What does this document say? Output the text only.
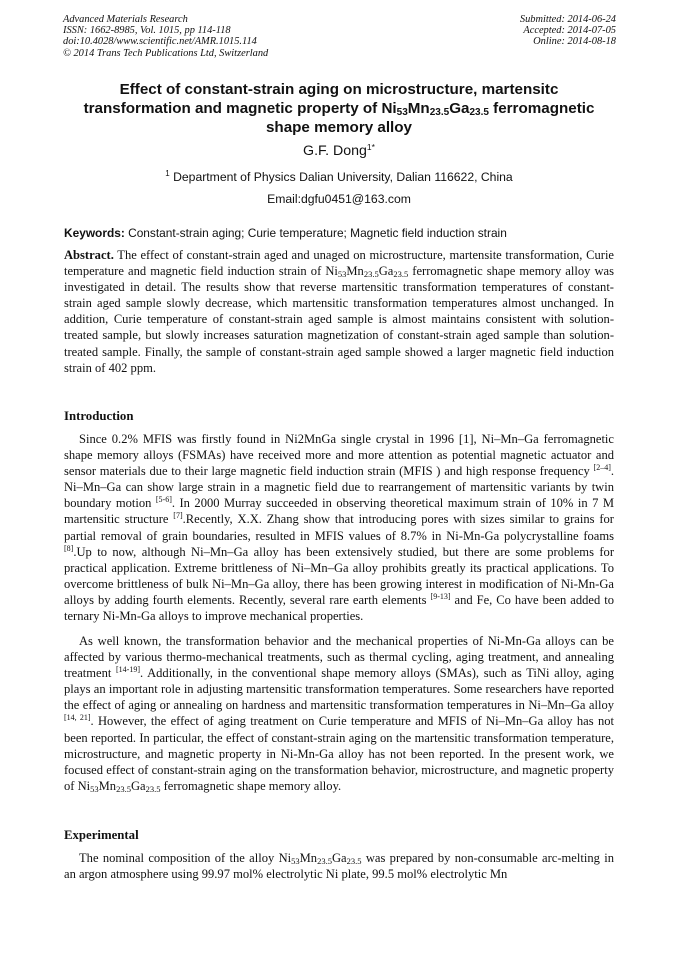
Advanced Materials Research
ISSN: 1662-8985, Vol. 1015, pp 114-118
doi:10.4028/www.scientific.net/AMR.1015.114
© 2014 Trans Tech Publications Ltd, Switzerland
Submitted: 2014-06-24
Accepted: 2014-07-05
Online: 2014-08-18
Effect of constant-strain aging on microstructure, martensitc
transformation and magnetic property of $Ni_{53}Mn_{23.5}Ga_{23.5}$ ferromagnetic
shape memory alloy
G.F. Dong$^{1*}$
$^1$ Department of Physics Dalian University, Dalian 116622, China
Email:dgfu0451@163.com
Keywords: Constant-strain aging; Curie temperature; Magnetic field induction strain

Abstract. The effect of constant-strain aged and unaged on microstructure, martensite transformation, Curie temperature and magnetic field induction strain of $Ni_{53}Mn_{23.5}Ga_{23.5}$ ferromagnetic shape memory alloy was investigated in detail. The results show that reverse martensitic transformation temperatures of constant-strain aged sample slowly decrease, which martensitic transformation temperatures almost unchanged. In addition, Curie temperature of constant-strain aged sample is almost maintains consistent with solution-treated sample, but slowly increases saturation magnetization of constant-strain aged sample than solution-treated sample. Finally, the sample of constant-strain aged sample showed a larger magnetic field induction strain of 402 ppm.

Introduction

Since 0.2% MFIS was firstly found in Ni2MnGa single crystal in 1996 [1], Ni–Mn–Ga ferromagnetic shape memory alloys (FSMAs) have received more and more attention as potential magnetic actuator and sensor materials due to their large magnetic field induction strain (MFIS ) and high response frequency [2–4]. Ni–Mn–Ga can show large strain in a magnetic field due to rearrangement of martensitic variants by twin boundary motion [5-6]. In 2000 Murray succeeded in observing theoretical maximum strain of 10% in 7 M martensitic structure [7].Recently, X.X. Zhang show that introducing pores with sizes similar to grains for partial removal of grain boundaries, resulted in MFIS values of 8.7% in Ni-Mn-Ga polycrystalline foams [8].Up to now, although Ni–Mn–Ga alloy has been extensively studied, but there are some problems for practical application. Extreme brittleness of Ni–Mn–Ga alloy prohibits greatly its practical applications. To overcome brittleness of bulk Ni–Mn–Ga alloy, there has been growing interest in modification of Ni-Mn-Ga alloys by adding fourth elements. Recently, several rare earth elements [9-13] and Fe, Co have been added to ternary Ni-Mn-Ga alloys to improve mechanical properties.

As well known, the transformation behavior and the mechanical properties of Ni-Mn-Ga alloys can be affected by various thermo-mechanical treatments, such as thermal cycling, aging treatment, and annealing treatment [14-19]. Additionally, in the conventional shape memory alloys (SMAs), such as TiNi alloy, aging plays an important role in adjusting martensitic transformation temperatures. Some researchers have reported the effect of aging or annealing on hardness and martensitic transformation temperatures in Ni–Mn–Ga alloy [14, 21]. However, the effect of aging treatment on Curie temperature and MFIS of Ni–Mn–Ga alloy has not been reported. In particular, the effect of constant-strain aging on the martensitic transformation temperature, microstructure, and magnetic property in Ni-Mn-Ga alloy has not been reported. In the present work, we focused effect of constant-strain aging on the transformation behavior, microstructure, and magnetic property of $Ni_{53}Mn_{23.5}Ga_{23.5}$ ferromagnetic shape memory alloy.

Experimental

The nominal composition of the alloy $Ni_{53}Mn_{23.5}Ga_{23.5}$ was prepared by non-consumable arc-melting in an argon atmosphere using 99.97 mol% electrolytic Ni plate, 99.5 mol% electrolytic Mn
